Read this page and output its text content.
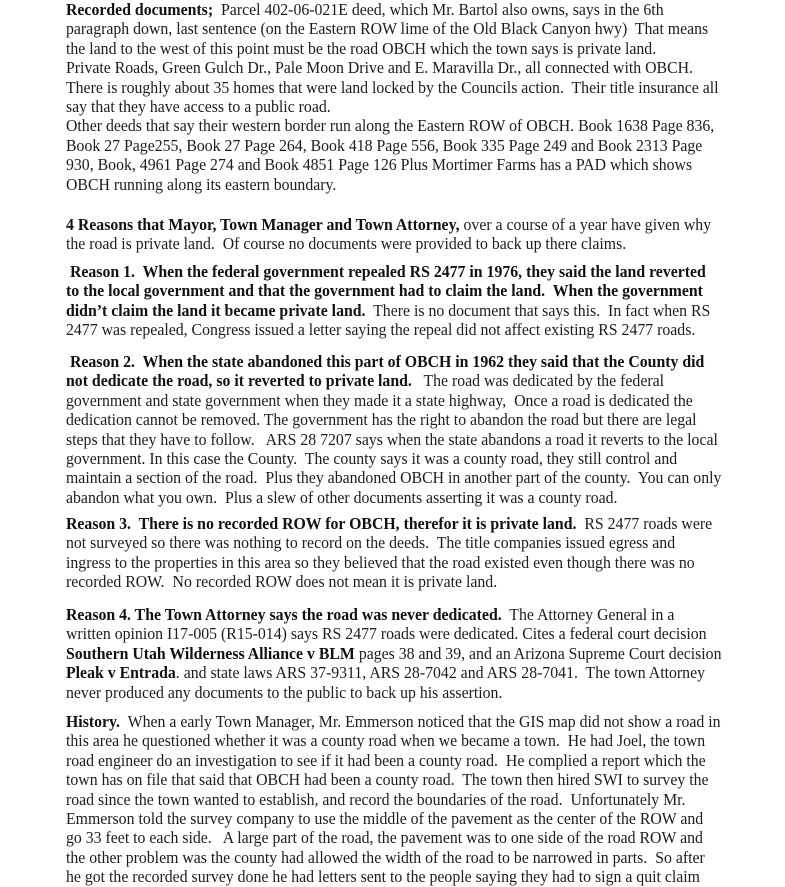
Recorded documents;  Parcel 402-06-021E deed, which Mr. Bartol also owns, says in the 6th
paragraph down, last sentence (on the Eastern ROW lime of the Old Black Canyon hwy)  That means
the land to the west of this point must be the road OBCH which the town says is private land.
Private Roads, Green Gulch Dr., Pale Moon Drive and E. Maravilla Dr., all connected with OBCH.
There is roughly about 35 homes that were land locked by the Councils action.  Their title insurance all
say that they have access to a public road.
Other deeds that say their western border run along the Eastern ROW of OBCH. Book 1638 Page 836,
Book 27 Page255, Book 27 Page 264, Book 418 Page 556, Book 335 Page 249 and Book 2313 Page
930, Book, 4961 Page 274 and Book 4851 Page 126 Plus Mortimer Farms has a PAD which shows
OBCH running along its eastern boundary.
4 Reasons that Mayor, Town Manager and Town Attorney, over a course of a year have given why
the road is private land.  Of course no documents were provided to back up there claims.
Reason 1.  When the federal government repealed RS 2477 in 1976, they said the land reverted
to the local government and that the government had to claim the land.  When the government
didn’t claim the land it became private land.  There is no document that says this.  In fact when RS
2477 was repealed, Congress issued a letter saying the repeal did not affect existing RS 2477 roads.
Reason 2.  When the state abandoned this part of OBCH in 1962 they said that the County did
not dedicate the road, so it reverted to private land.   The road was dedicated by the federal
government and state government when they made it a state highway,  Once a road is dedicated the
dedication cannot be removed. The government has the right to abandon the road but there are legal
steps that they have to follow.   ARS 28 7207 says when the state abandons a road it reverts to the local
government. In this case the County.  The county says it was a county road, they still control and
maintain a section of the road.  Plus they abandoned OBCH in another part of the county.  You can only
abandon what you own.  Plus a slew of other documents asserting it was a county road.
Reason 3.  There is no recorded ROW for OBCH, therefor it is private land.  RS 2477 roads were
not surveyed so there was nothing to record on the deeds.  The title companies issued egress and
ingress to the properties in this area so they believed that the road existed even though there was no
recorded ROW.  No recorded ROW does not mean it is private land.
Reason 4. The Town Attorney says the road was never dedicated.  The Attorney General in a
written opinion I17-005 (R15-014) says RS 2477 roads were dedicated. Cites a federal court decision
Southern Utah Wilderness Alliance v BLM pages 38 and 39, and an Arizona Supreme Court decision
Pleak v Entrada. and state laws ARS 37-9311, ARS 28-7042 and ARS 28-7041.  The town Attorney
never produced any documents to the public to back up his assertion.
History.  When a early Town Manager, Mr. Emmerson noticed that the GIS map did not show a road in
this area he questioned whether it was a county road when we became a town.  He had Joel, the town
road engineer do an investigation to see if it had been a county road.  He complied a report which the
town has on file that said that OBCH had been a county road.  The town then hired SWI to survey the
road since the town wanted to establish, and record the boundaries of the road.  Unfortunately Mr.
Emmerson told the survey company to use the middle of the pavement as the center of the ROW and
go 33 feet to each side.   A large part of the road, the pavement was to one side of the road ROW and
the other problem was the county had allowed the width of the road to be narrowed in parts.  So after
he got the recorded survey done he had letters sent to the people saying they had to sign a quit claim
